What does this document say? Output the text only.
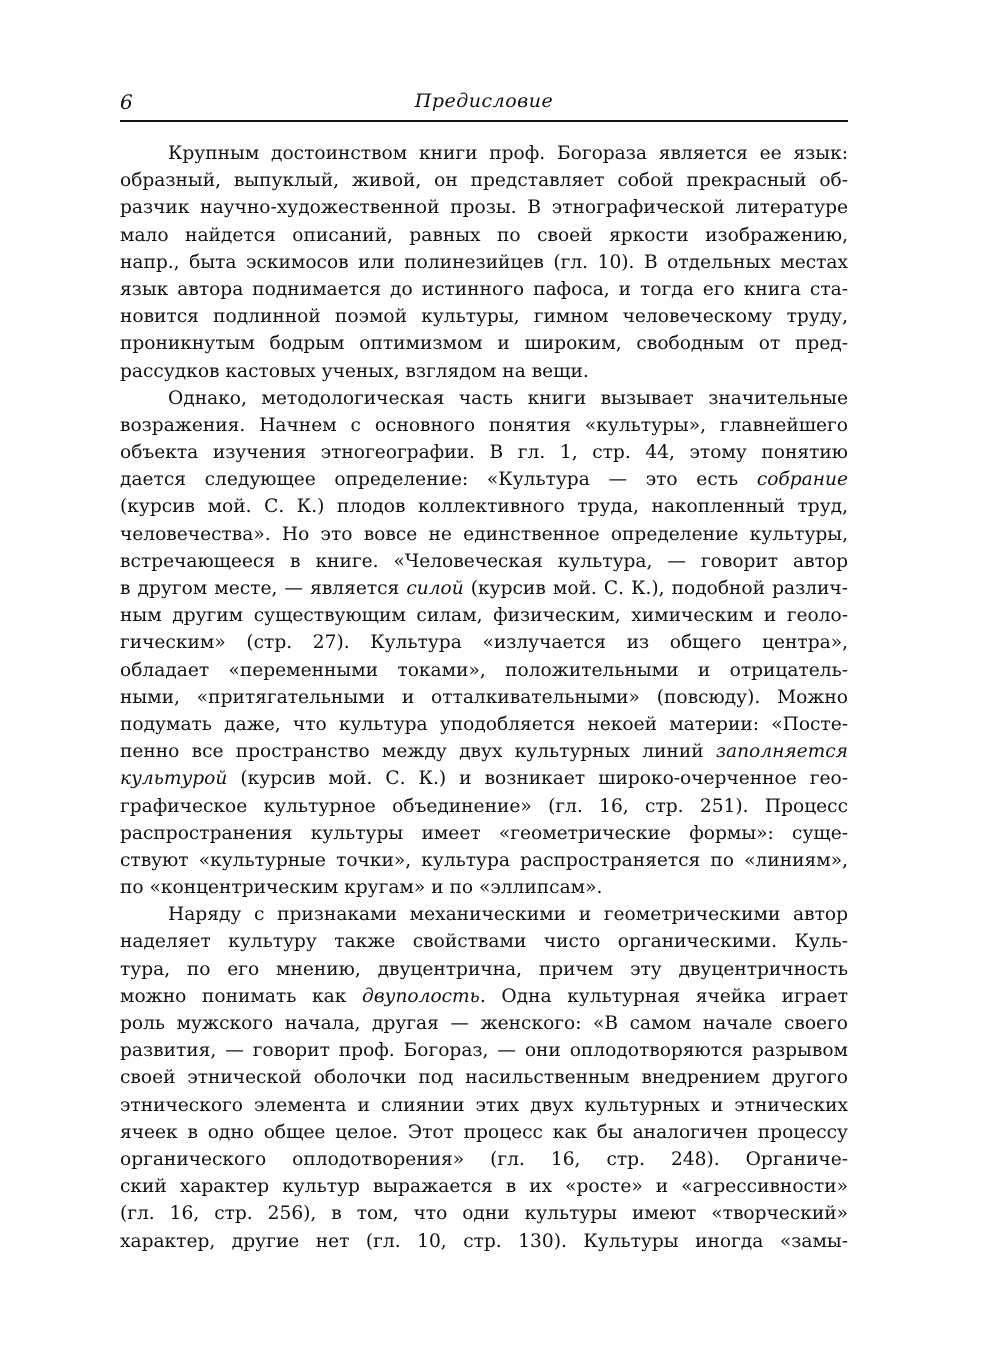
6	Предисловие
Крупным достоинством книги проф. Богораза является ее язык:
образный, выпуклый, живой, он представляет собой прекрасный об-
разчик научно-художественной прозы. В этнографической литературе
мало найдется описаний, равных по своей яркости изображению,
напр., быта эскимосов или полинезийцев (гл. 10). В отдельных местах
язык автора поднимается до истинного пафоса, и тогда его книга ста-
новится подлинной поэмой культуры, гимном человеческому труду,
проникнутым бодрым оптимизмом и широким, свободным от пред-
рассудков кастовых ученых, взглядом на вещи.
Однако, методологическая часть книги вызывает значительные
возражения. Начнем с основного понятия «культуры», главнейшего
объекта изучения этногеографии. В гл. 1, стр. 44, этому понятию
дается следующее определение: «Культура — это есть собрание
(курсив мой. С. К.) плодов коллективного труда, накопленный труд,
человечества». Но это вовсе не единственное определение культуры,
встречающееся в книге. «Человеческая культура, — говорит автор
в другом месте, — является силой (курсив мой. С. К.), подобной различ-
ным другим существующим силам, физическим, химическим и геоло-
гическим» (стр. 27). Культура «излучается из общего центра»,
обладает «переменными токами», положительными и отрицатель-
ными, «притягательными и отталкивательными» (повсюду). Можно
подумать даже, что культура уподобляется некоей материи: «Посте-
пенно все пространство между двух культурных линий заполняется
культурой (курсив мой. С. К.) и возникает широко-очерченное гео-
графическое культурное объединение» (гл. 16, стр. 251). Процесс
распространения культуры имеет «геометрические формы»: суще-
ствуют «культурные точки», культура распространяется по «линиям»,
по «концентрическим кругам» и по «эллипсам».
Наряду с признаками механическими и геометрическими автор
наделяет культуру также свойствами чисто органическими. Куль-
тура, по его мнению, двуцентрична, причем эту двуцентричность
можно понимать как двуполость. Одна культурная ячейка играет
роль мужского начала, другая — женского: «В самом начале своего
развития, — говорит проф. Богораз, — они оплодотворяются разрывом
своей этнической оболочки под насильственным внедрением другого
этнического элемента и слиянии этих двух культурных и этнических
ячеек в одно общее целое. Этот процесс как бы аналогичен процессу
органического оплодотворения» (гл. 16, стр. 248). Органиче-
ский характер культур выражается в их «росте» и «агрессивности»
(гл. 16, стр. 256), в том, что одни культуры имеют «творческий»
характер, другие нет (гл. 10, стр. 130). Культуры иногда «замы-
